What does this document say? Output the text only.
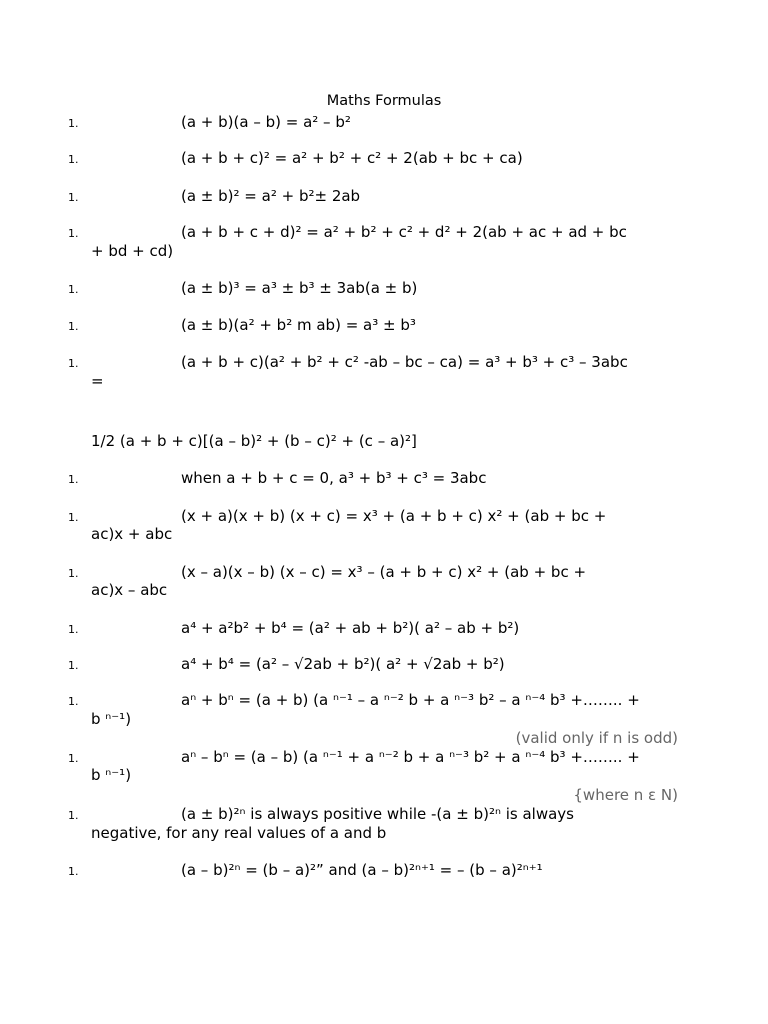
Maths Formulas
1.	(a + b)(a – b) = a² – b²
1.	(a + b + c)² = a² + b² + c² + 2(ab + bc + ca)
1.	(a ± b)² = a² + b²± 2ab
1.	(a + b + c + d)² = a² + b² + c² + d² + 2(ab + ac + ad + bc
+ bd + cd)
1.	(a ± b)³ = a³ ± b³ ± 3ab(a ± b)
1.	(a ± b)(a² + b² m ab) = a³ ± b³
1.	(a + b + c)(a² + b² + c² -ab – bc – ca) = a³ + b³ + c³ – 3abc
=
1/2 (a + b + c)[(a – b)² + (b – c)² + (c – a)²]
1.	when a + b + c = 0, a³ + b³ + c³ = 3abc
1.	(x + a)(x + b) (x + c) = x³ + (a + b + c) x² + (ab + bc +
ac)x + abc
1.	(x – a)(x – b) (x – c) = x³ – (a + b + c) x² + (ab + bc +
ac)x – abc
1.	a⁴ + a²b² + b⁴ = (a² + ab + b²)( a² – ab + b²)
1.	a⁴ + b⁴ = (a² – √2ab + b²)( a² + √2ab + b²)
1.	aⁿ + bⁿ = (a + b) (a ⁿ⁻¹ – a ⁿ⁻² b + a ⁿ⁻³ b² – a ⁿ⁻⁴ b³ +…….. +
b ⁿ⁻¹)
(valid only if n is odd)
1.	aⁿ – bⁿ = (a – b) (a ⁿ⁻¹ + a ⁿ⁻² b + a ⁿ⁻³ b² + a ⁿ⁻⁴ b³ +…….. +
b ⁿ⁻¹)
{where n ε N)
1.	(a ± b)²ⁿ is always positive while -(a ± b)²ⁿ is always
negative, for any real values of a and b
1.	(a – b)²ⁿ = (b – a)²” and (a – b)²ⁿ⁺¹ = – (b – a)²ⁿ⁺¹
